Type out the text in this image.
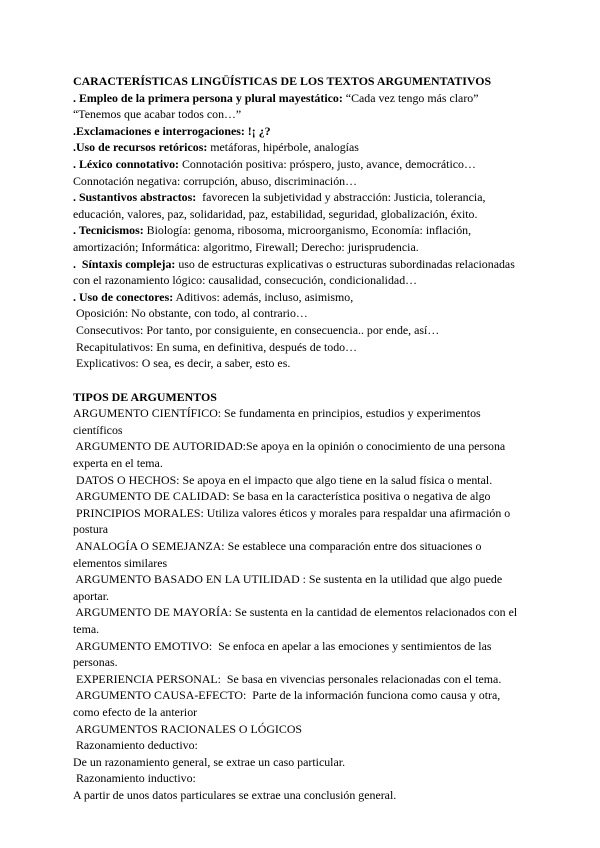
CARACTERÍSTICAS LINGÜÍSTICAS DE LOS TEXTOS ARGUMENTATIVOS
. Empleo de la primera persona y plural mayestático: “Cada vez tengo más claro”
“Tenemos que acabar todos con…”
.Exclamaciones e interrogaciones: !¡ ¿?
.Uso de recursos retóricos: metáforas, hipérbole, analogías
. Léxico connotativo: Connotación positiva: próspero, justo, avance, democrático…
Connotación negativa: corrupción, abuso, discriminación…
. Sustantivos abstractos:  favorecen la subjetividad y abstracción: Justicia, tolerancia,
educación, valores, paz, solidaridad, paz, estabilidad, seguridad, globalización, éxito.
. Tecnicismos: Biología: genoma, ribosoma, microorganismo, Economía: inflación,
amortización; Informática: algoritmo, Firewall; Derecho: jurisprudencia.
.  Síntaxis compleja: uso de estructuras explicativas o estructuras subordinadas relacionadas
con el razonamiento lógico: causalidad, consecución, condicionalidad…
. Uso de conectores: Aditivos: además, incluso, asimismo,
Oposición: No obstante, con todo, al contrario…
Consecutivos: Por tanto, por consiguiente, en consecuencia.. por ende, así…
Recapitulativos: En suma, en definitiva, después de todo…
Explicativos: O sea, es decir, a saber, esto es.
TIPOS DE ARGUMENTOS
ARGUMENTO CIENTÍFICO: Se fundamenta en principios, estudios y experimentos
científicos
ARGUMENTO DE AUTORIDAD:Se apoya en la opinión o conocimiento de una persona
experta en el tema.
DATOS O HECHOS: Se apoya en el impacto que algo tiene en la salud física o mental.
ARGUMENTO DE CALIDAD: Se basa en la característica positiva o negativa de algo
PRINCIPIOS MORALES: Utiliza valores éticos y morales para respaldar una afirmación o
postura
ANALOGÍA O SEMEJANZA: Se establece una comparación entre dos situaciones o
elementos similares
ARGUMENTO BASADO EN LA UTILIDAD : Se sustenta en la utilidad que algo puede
aportar.
ARGUMENTO DE MAYORÍA: Se sustenta en la cantidad de elementos relacionados con el
tema.
ARGUMENTO EMOTIVO:  Se enfoca en apelar a las emociones y sentimientos de las
personas.
EXPERIENCIA PERSONAL:  Se basa en vivencias personales relacionadas con el tema.
ARGUMENTO CAUSA-EFECTO:  Parte de la información funciona como causa y otra,
como efecto de la anterior
ARGUMENTOS RACIONALES O LÓGICOS
Razonamiento deductivo:
De un razonamiento general, se extrae un caso particular.
Razonamiento inductivo:
A partir de unos datos particulares se extrae una conclusión general.
